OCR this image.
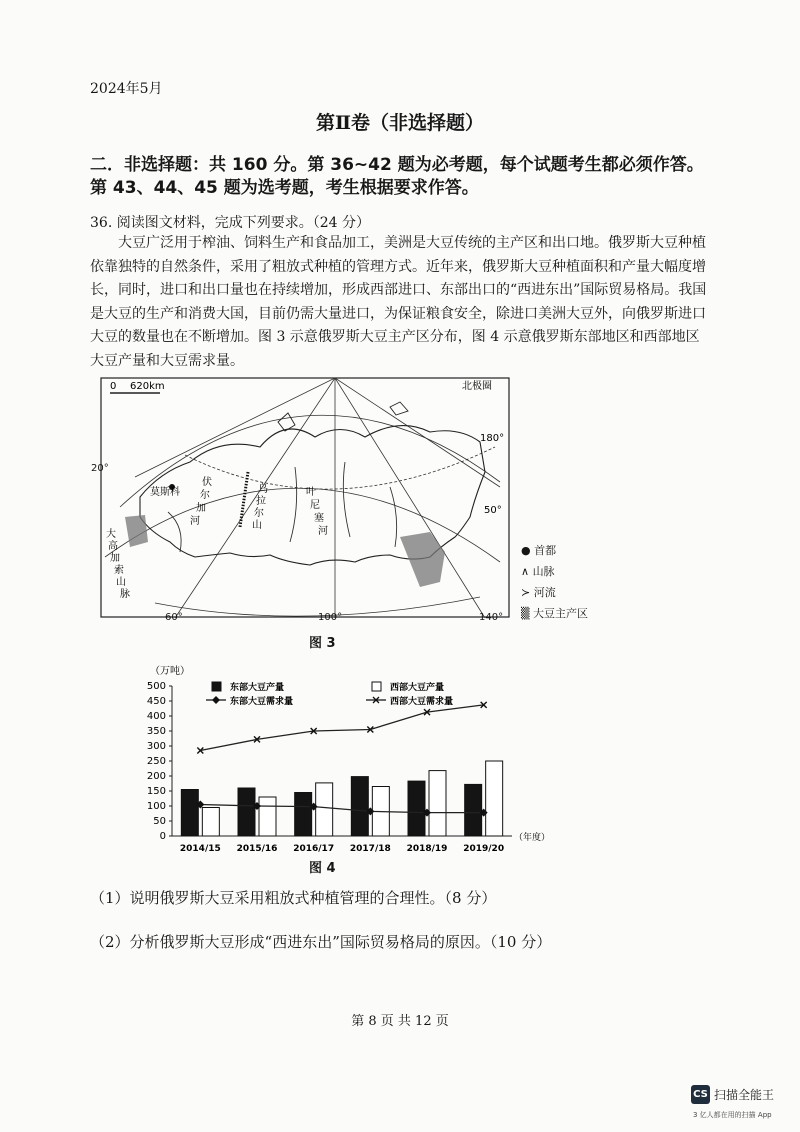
2024年5月
第Ⅱ卷（非选择题）
二．非选择题：共 160 分。第 36~42 题为必考题，每个试题考生都必须作答。
第 43、44、45 题为选考题，考生根据要求作答。
36. 阅读图文材料，完成下列要求。（24 分）
大豆广泛用于榨油、饲料生产和食品加工，美洲是大豆传统的主产区和出口地。俄罗斯大豆种植依靠独特的自然条件，采用了粗放式种植的管理方式。近年来，俄罗斯大豆种植面积和产量大幅度增长，同时，进口和出口量也在持续增加，形成西部进口、东部出口的“西进东出”国际贸易格局。我国是大豆的生产和消费大国，目前仍需大量进口，为保证粮食安全，除进口美洲大豆外，向俄罗斯进口大豆的数量也在不断增加。图 3 示意俄罗斯大豆主产区分布，图 4 示意俄罗斯东部地区和西部地区大豆产量和大豆需求量。
0 620km	北极圈
莫斯科
伏
尔
加
河
大
高
加
索
山
脉
乌
拉
尔
山
叶
尼
塞
河
180°
50°
20°
60°	100°	140°
● 首都
∧ 山脉
≻ 河流
▒ 大豆主产区
图 3
（万吨）
（年度）
0
50
100
150
200
250
300
350
400
450
500
2014/15 2015/16 2016/17 2017/18 2018/19 2019/20
东部大豆产量	西部大豆产量
东部大豆需求量	西部大豆需求量
图 4
（1）说明俄罗斯大豆采用粗放式种植管理的合理性。（8 分）
（2）分析俄罗斯大豆形成“西进东出”国际贸易格局的原因。（10 分）
第 8 页 共 12 页
CS 扫描全能王
3 亿人都在用的扫描 App
